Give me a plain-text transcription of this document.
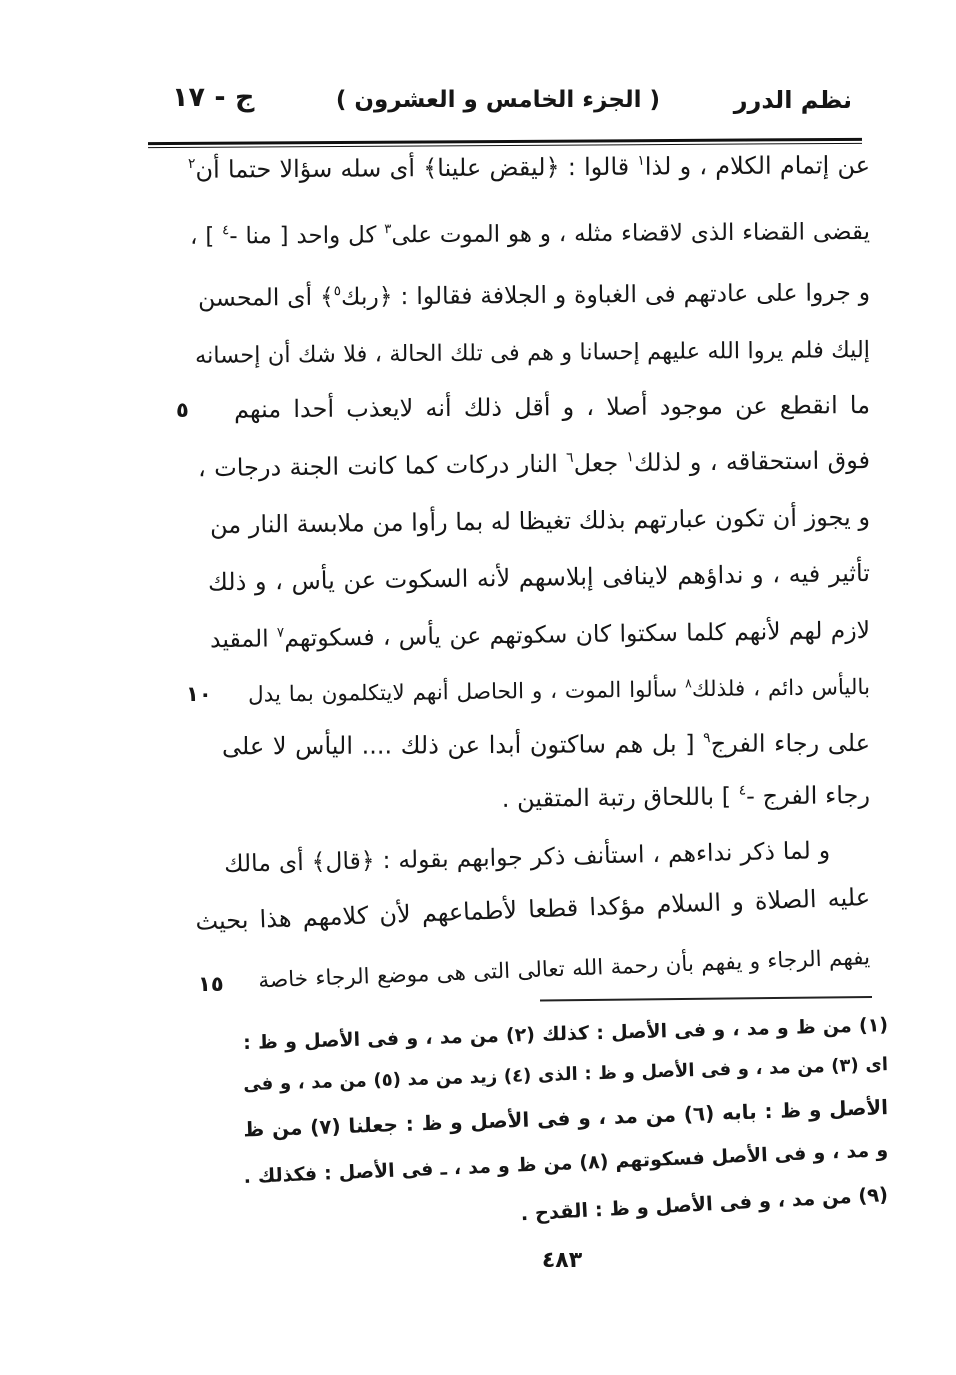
نظم الدرر
( الجزء الخامس و العشرون )
ج - ١٧
عن إتمام الكلام ، و لذا$^١$ قالوا : ﴿ليقض علينا﴾ أى سله سؤالا حتما أن$^٢$
يقضى القضاء الذى لاقضاء مثله ، و هو الموت على$^٣$ كل واحد [ منا -$^٤$ ] ،
و جروا على عادتهم فى الغباوة و الجلافة فقالوا : ﴿ربك$^٥$﴾ أى المحسن
إليك فلم يروا الله عليهم إحسانا و هم فى تلك الحالة ، فلا شك أن إحسانه
ما انقطع عن موجود أصلا ، و أقل ذلك أنه لايعذب أحدا منهم
٥
فوق استحقاقه ، و لذلك$^١$ جعل$^٦$ النار دركات كما كانت الجنة درجات ،
و يجوز أن تكون عبارتهم بذلك تغيظا له بما رأوا من ملابسة النار من
تأثير فيه ، و نداؤهم لاينافى إبلاسهم لأنه السكوت عن يأس ، و ذلك
لازم لهم لأنهم كلما سكتوا كان سكوتهم عن يأس ، فسكوتهم$^٧$ المقيد
باليأس دائم ، فلذلك$^٨$ سألوا الموت ، و الحاصل أنهم لايتكلمون بما يدل
١٠
على رجاء الفرج$^٩$ [ بل هم ساكتون أبدا عن ذلك .... اليأس لا على
رجاء الفرج -$^٤$ ] باللحاق رتبة المتقين .
و لما ذكر نداءهم ، استأنف ذكر جوابهم بقوله : ﴿قال﴾ أى مالك
عليه الصلاة و السلام مؤكدا قطعا لأطماعهم لأن كلامهم هذا بحيث
يفهم الرجاء و يفهم بأن رحمة الله تعالى التى هى موضع الرجاء خاصة
١٥
(١) من ظ و مد ، و فى الأصل : كذلك (٢) من مد ، و فى الأصل و ظ :
اى (٣) من مد ، و فى الأصل و ظ : الذى (٤) زيد من مد (٥) من مد ، و فى
الأصل و ظ : بابه (٦) من مد ، و فى الأصل و ظ : جعلنا (٧) من ظ
و مد ، و فى الأصل فسكوتهم (٨) من ظ و مد ، ـ فى الأصل : فكذلك .
(٩) من مد ، و فى الأصل و ظ : القدح .
٤٨٣
